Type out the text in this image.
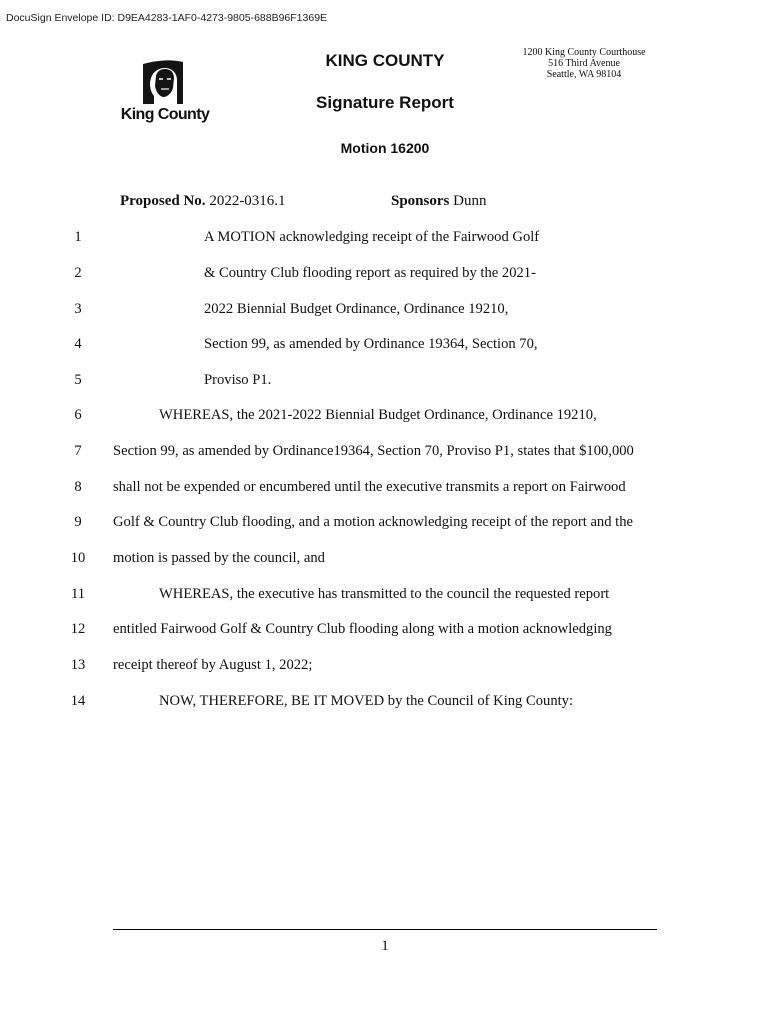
DocuSign Envelope ID: D9EA4283-1AF0-4273-9805-688B96F1369E
King County
KING COUNTY
Signature Report
1200 King County Courthouse
516 Third Avenue
Seattle, WA 98104
Motion 16200
Proposed No. 2022-0316.1	Sponsors Dunn
1	A MOTION acknowledging receipt of the Fairwood Golf
2	& Country Club flooding report as required by the 2021-
3	2022 Biennial Budget Ordinance, Ordinance 19210,
4	Section 99, as amended by Ordinance 19364, Section 70,
5	Proviso P1.
6	WHEREAS, the 2021-2022 Biennial Budget Ordinance, Ordinance 19210,
7	Section 99, as amended by Ordinance19364, Section 70, Proviso P1, states that $100,000
8	shall not be expended or encumbered until the executive transmits a report on Fairwood
9	Golf & Country Club flooding, and a motion acknowledging receipt of the report and the
10	motion is passed by the council, and
11	WHEREAS, the executive has transmitted to the council the requested report
12	entitled Fairwood Golf & Country Club flooding along with a motion acknowledging
13	receipt thereof by August 1, 2022;
14	NOW, THEREFORE, BE IT MOVED by the Council of King County:
1
